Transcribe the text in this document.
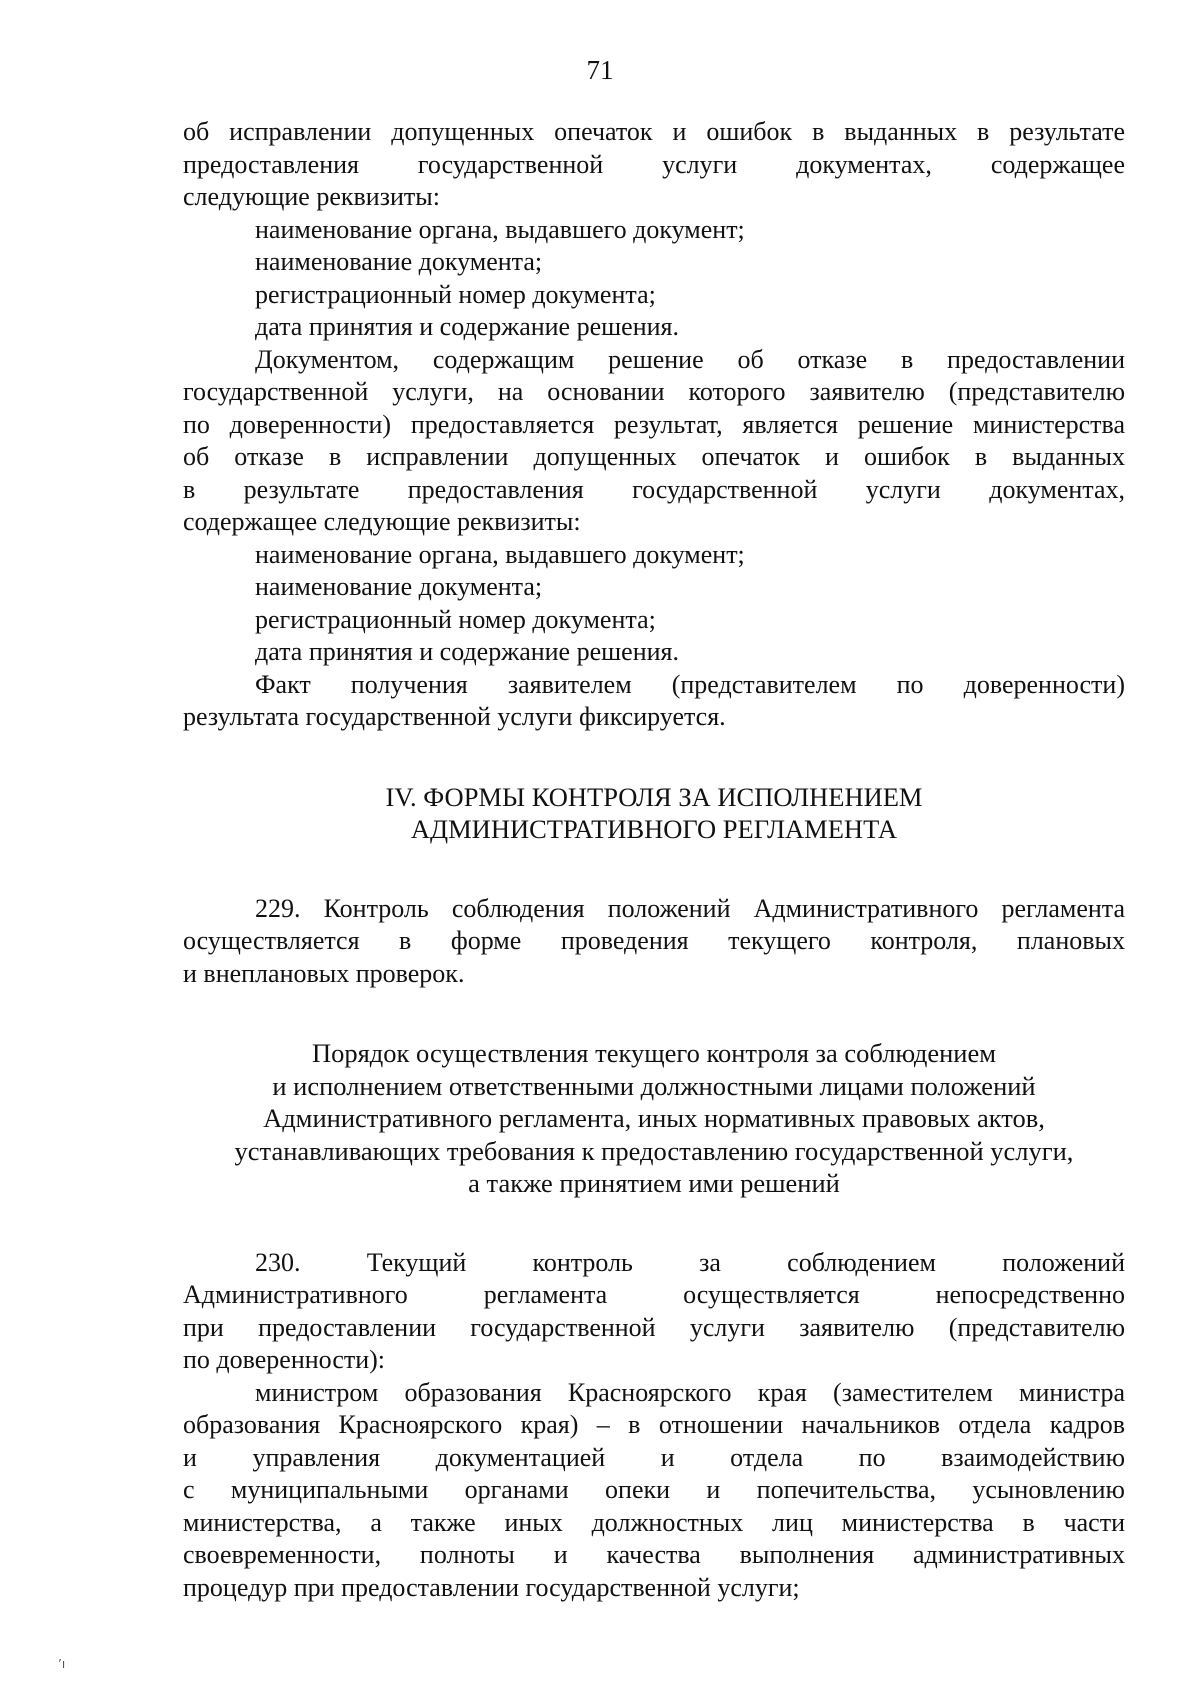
71
об исправлении допущенных опечаток и ошибок в выданных в результате
предоставления государственной услуги документах, содержащее
следующие реквизиты:
наименование органа, выдавшего документ;
наименование документа;
регистрационный номер документа;
дата принятия и содержание решения.
Документом, содержащим решение об отказе в предоставлении
государственной услуги, на основании которого заявителю (представителю
по доверенности) предоставляется результат, является решение министерства
об отказе в исправлении допущенных опечаток и ошибок в выданных
в результате предоставления государственной услуги документах,
содержащее следующие реквизиты:
наименование органа, выдавшего документ;
наименование документа;
регистрационный номер документа;
дата принятия и содержание решения.
Факт получения заявителем (представителем по доверенности)
результата государственной услуги фиксируется.
IV. ФОРМЫ КОНТРОЛЯ ЗА ИСПОЛНЕНИЕМ
АДМИНИСТРАТИВНОГО РЕГЛАМЕНТА
229. Контроль соблюдения положений Административного регламента
осуществляется в форме проведения текущего контроля, плановых
и внеплановых проверок.
Порядок осуществления текущего контроля за соблюдением
и исполнением ответственными должностными лицами положений
Административного регламента, иных нормативных правовых актов,
устанавливающих требования к предоставлению государственной услуги,
а также принятием ими решений
230. Текущий контроль за соблюдением положений
Административного регламента осуществляется непосредственно
при предоставлении государственной услуги заявителю (представителю
по доверенности):
министром образования Красноярского края (заместителем министра
образования Красноярского края) – в отношении начальников отдела кадров
и управления документацией и отдела по взаимодействию
с муниципальными органами опеки и попечительства, усыновлению
министерства, а также иных должностных лиц министерства в части
своевременности, полноты и качества выполнения административных
процедур при предоставлении государственной услуги;
’ı
